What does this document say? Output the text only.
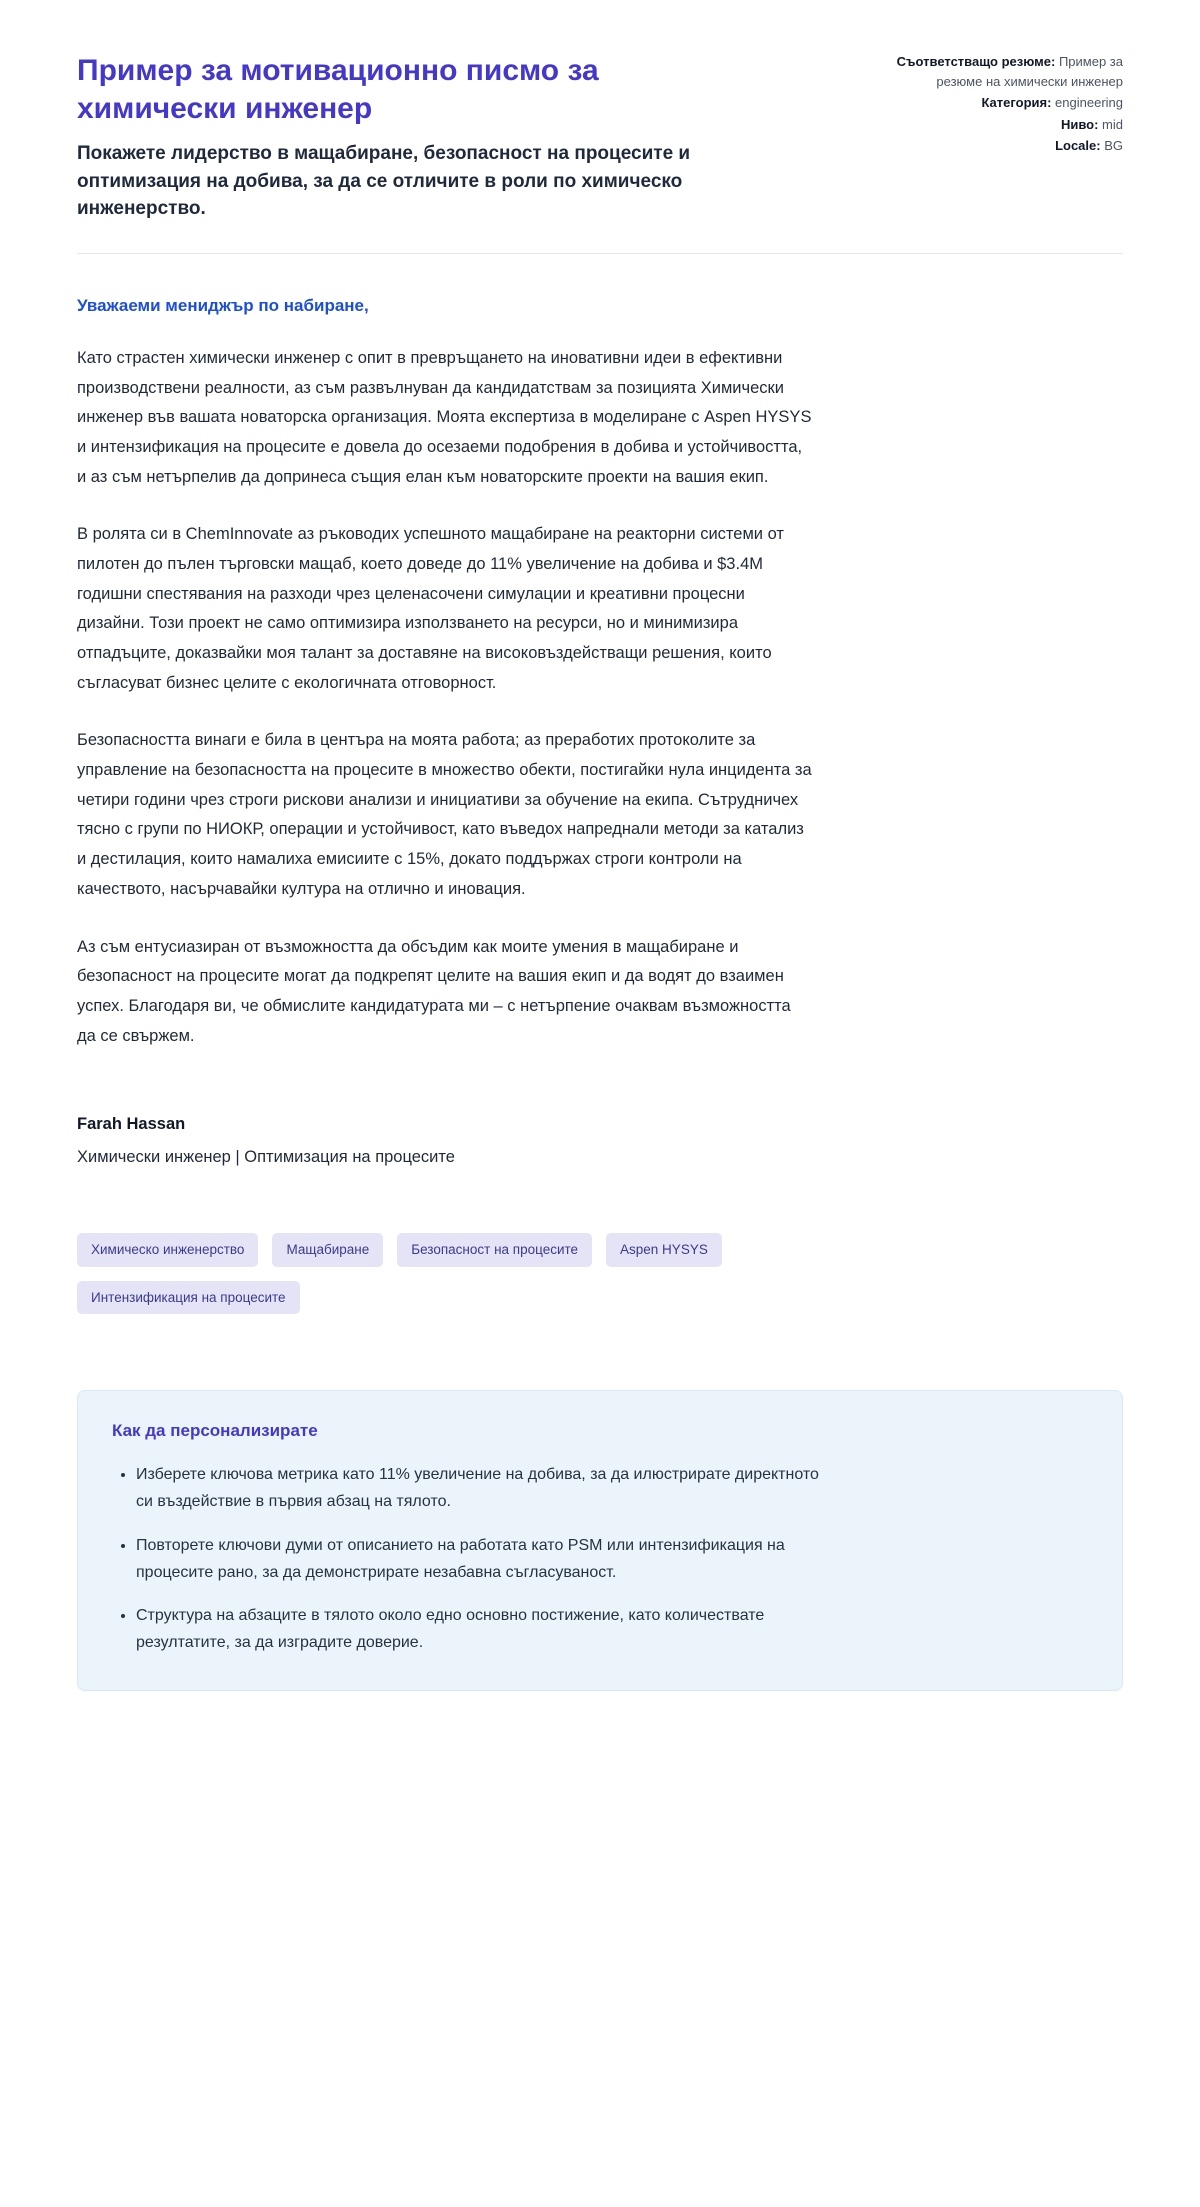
Пример за мотивационно писмо за химически инженер

Покажете лидерство в мащабиране, безопасност на процесите и оптимизация на добива, за да се отличите в роли по химическо инженерство.

Съответстващо резюме: Пример за резюме на химически инженер
Категория: engineering
Ниво: mid
Locale: BG

Уважаеми мениджър по набиране,

Като страстен химически инженер с опит в превръщането на иновативни идеи в ефективни производствени реалности, аз съм развълнуван да кандидатствам за позицията Химически инженер във вашата новаторска организация. Моята експертиза в моделиране с Aspen HYSYS и интензификация на процесите е довела до осезаеми подобрения в добива и устойчивостта, и аз съм нетърпелив да допринеса същия елан към новаторските проекти на вашия екип.

В ролята си в ChemInnovate аз ръководих успешното мащабиране на реакторни системи от пилотен до пълен търговски мащаб, което доведе до 11% увеличение на добива и $3.4M годишни спестявания на разходи чрез целенасочени симулации и креативни процесни дизайни. Този проект не само оптимизира използването на ресурси, но и минимизира отпадъците, доказвайки моя талант за доставяне на високовъздействащи решения, които съгласуват бизнес целите с екологичната отговорност.

Безопасността винаги е била в центъра на моята работа; аз преработих протоколите за управление на безопасността на процесите в множество обекти, постигайки нула инцидента за четири години чрез строги рискови анализи и инициативи за обучение на екипа. Сътрудничех тясно с групи по НИОКР, операции и устойчивост, като въведох напреднали методи за катализ и дестилация, които намалиха емисиите с 15%, докато поддържах строги контроли на качеството, насърчавайки култура на отлично и иновация.

Аз съм ентусиазиран от възможността да обсъдим как моите умения в мащабиране и безопасност на процесите могат да подкрепят целите на вашия екип и да водят до взаимен успех. Благодаря ви, че обмислите кандидатурата ми – с нетърпение очаквам възможността да се свържем.

Farah Hassan

Химически инженер | Оптимизация на процесите

Химическо инженерство	Мащабиране	Безопасност на процесите	Aspen HYSYS
Интензификация на процесите
Как да персонализирате
• Изберете ключова метрика като 11% увеличение на добива, за да илюстрирате директното си въздействие в първия абзац на тялото.
• Повторете ключови думи от описанието на работата като PSM или интензификация на процесите рано, за да демонстрирате незабавна съгласуваност.
• Структура на абзаците в тялото около едно основно постижение, като количествате резултатите, за да изградите доверие.
